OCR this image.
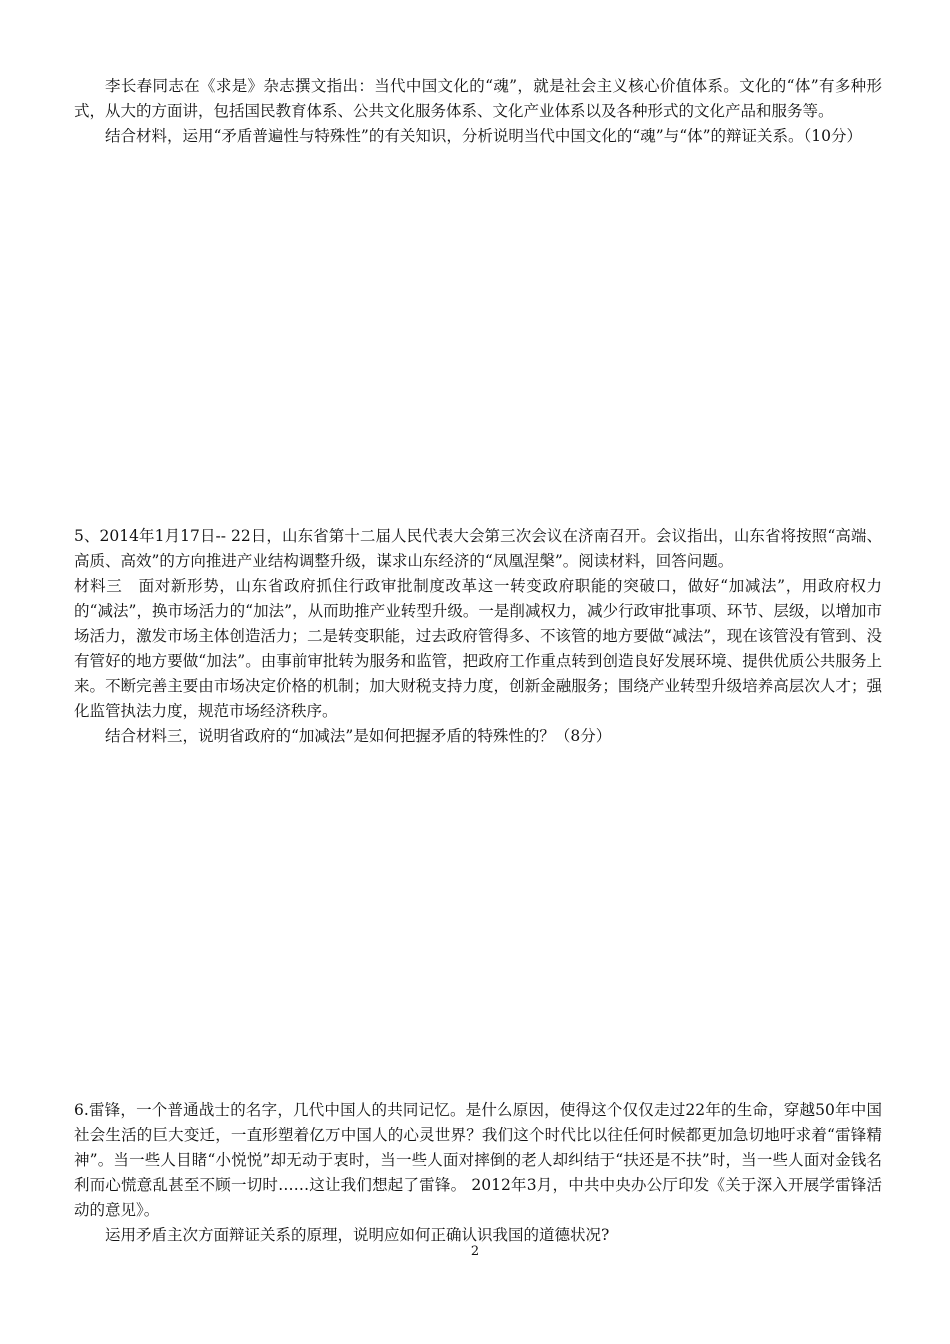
李长春同志在《求是》杂志撰文指出：当代中国文化的“魂”，就是社会主义核心价值体系。文化的“体”有多种形式，从大的方面讲，包括国民教育体系、公共文化服务体系、文化产业体系以及各种形式的文化产品和服务等。

结合材料，运用“矛盾普遍性与特殊性”的有关知识，分析说明当代中国文化的“魂”与“体”的辩证关系。（10分）

5、2014年1月17日-- 22日，山东省第十二届人民代表大会第三次会议在济南召开。会议指出，山东省将按照“高端、高质、高效”的方向推进产业结构调整升级，谋求山东经济的“凤凰涅槃”。阅读材料，回答问题。

材料三　面对新形势，山东省政府抓住行政审批制度改革这一转变政府职能的突破口，做好“加减法”，用政府权力的“减法”，换市场活力的“加法”，从而助推产业转型升级。一是削减权力，减少行政审批事项、环节、层级，以增加市场活力，激发市场主体创造活力；二是转变职能，过去政府管得多、不该管的地方要做“减法”，现在该管没有管到、没有管好的地方要做“加法”。由事前审批转为服务和监管，把政府工作重点转到创造良好发展环境、提供优质公共服务上来。不断完善主要由市场决定价格的机制；加大财税支持力度，创新金融服务；围绕产业转型升级培养高层次人才；强化监管执法力度，规范市场经济秩序。

结合材料三，说明省政府的“加减法”是如何把握矛盾的特殊性的？（8分）

6.雷锋，一个普通战士的名字，几代中国人的共同记忆。是什么原因，使得这个仅仅走过22年的生命，穿越50年中国社会生活的巨大变迁，一直形塑着亿万中国人的心灵世界？我们这个时代比以往任何时候都更加急切地吁求着“雷锋精神”。当一些人目睹“小悦悦”却无动于衷时，当一些人面对摔倒的老人却纠结于“扶还是不扶”时，当一些人面对金钱名利而心慌意乱甚至不顾一切时……这让我们想起了雷锋。 2012年3月，中共中央办公厅印发《关于深入开展学雷锋活动的意见》。

运用矛盾主次方面辩证关系的原理，说明应如何正确认识我国的道德状况?

2
